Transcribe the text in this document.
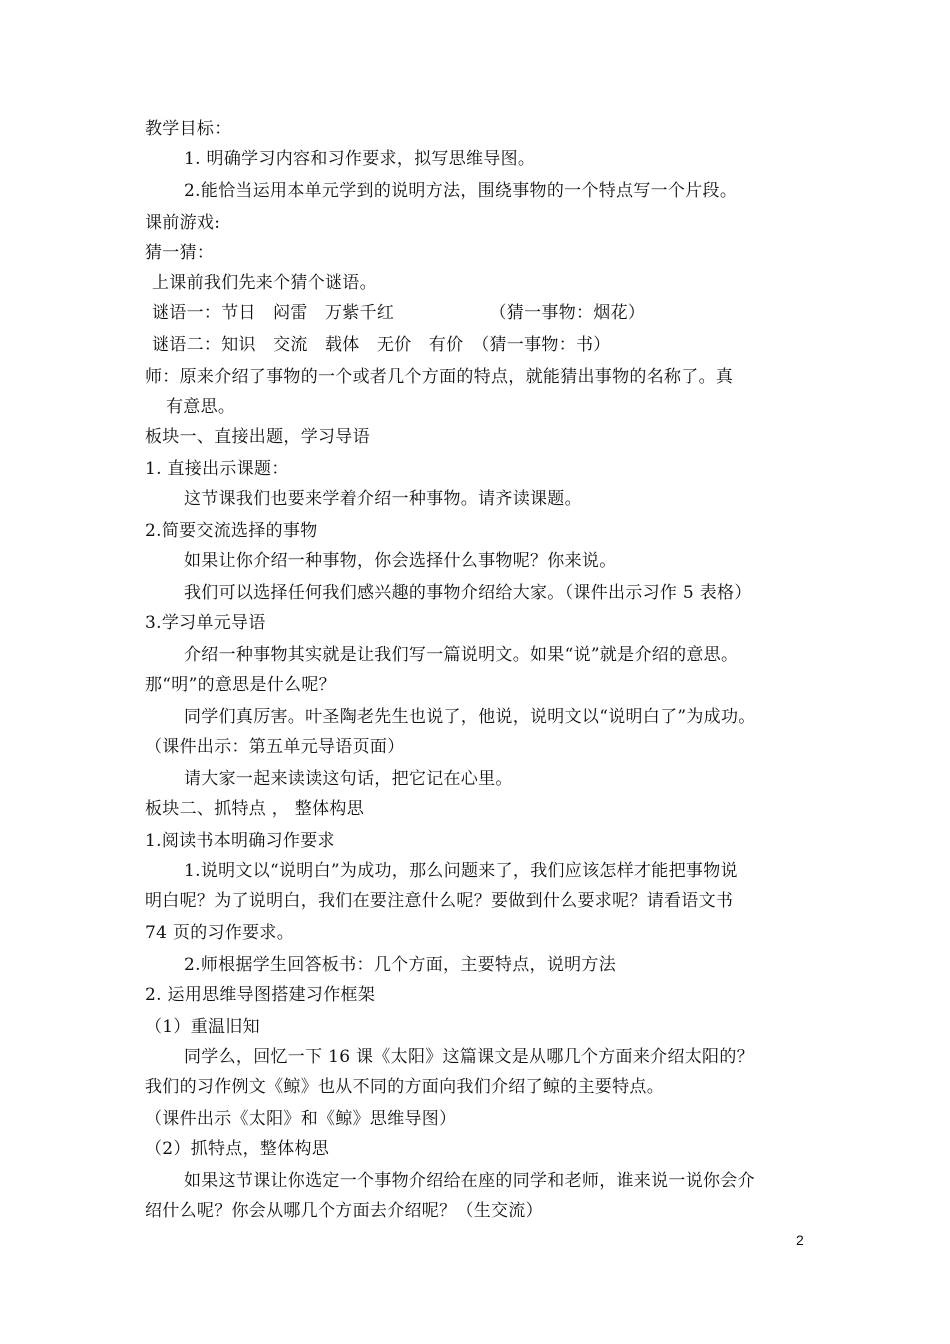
教学目标：
1. 明确学习内容和习作要求，拟写思维导图。
2.能恰当运用本单元学到的说明方法，围绕事物的一个特点写一个片段。
课前游戏:
猜一猜：
上课前我们先来个猜个谜语。
谜语一：节日　闷雷　万紫千红　　　　　　（猜一事物：烟花）
谜语二：知识　交流　载体　无价　有价　（猜一事物：书）
师：原来介绍了事物的一个或者几个方面的特点，就能猜出事物的名称了。真
有意思。
板块一、直接出题，学习导语
1. 直接出示课题：
这节课我们也要来学着介绍一种事物。请齐读课题。
2.简要交流选择的事物
如果让你介绍一种事物，你会选择什么事物呢？你来说。
我们可以选择任何我们感兴趣的事物介绍给大家。（课件出示习作 5 表格）
3.学习单元导语
介绍一种事物其实就是让我们写一篇说明文。如果“说”就是介绍的意思。
那“明”的意思是什么呢？
同学们真厉害。叶圣陶老先生也说了，他说，说明文以“说明白了”为成功。
（课件出示：第五单元导语页面）
请大家一起来读读这句话，把它记在心里。
板块二、抓特点 ， 整体构思
1.阅读书本明确习作要求
1.说明文以“说明白”为成功，那么问题来了，我们应该怎样才能把事物说
明白呢？为了说明白，我们在要注意什么呢？要做到什么要求呢？请看语文书
74 页的习作要求。
2.师根据学生回答板书：几个方面，主要特点，说明方法
2. 运用思维导图搭建习作框架
（1）重温旧知
同学么，回忆一下 16 课《太阳》这篇课文是从哪几个方面来介绍太阳的？
我们的习作例文《鲸》也从不同的方面向我们介绍了鲸的主要特点。
（课件出示《太阳》和《鲸》思维导图）
（2）抓特点，整体构思
如果这节课让你选定一个事物介绍给在座的同学和老师，谁来说一说你会介
绍什么呢？你会从哪几个方面去介绍呢？（生交流）
2
